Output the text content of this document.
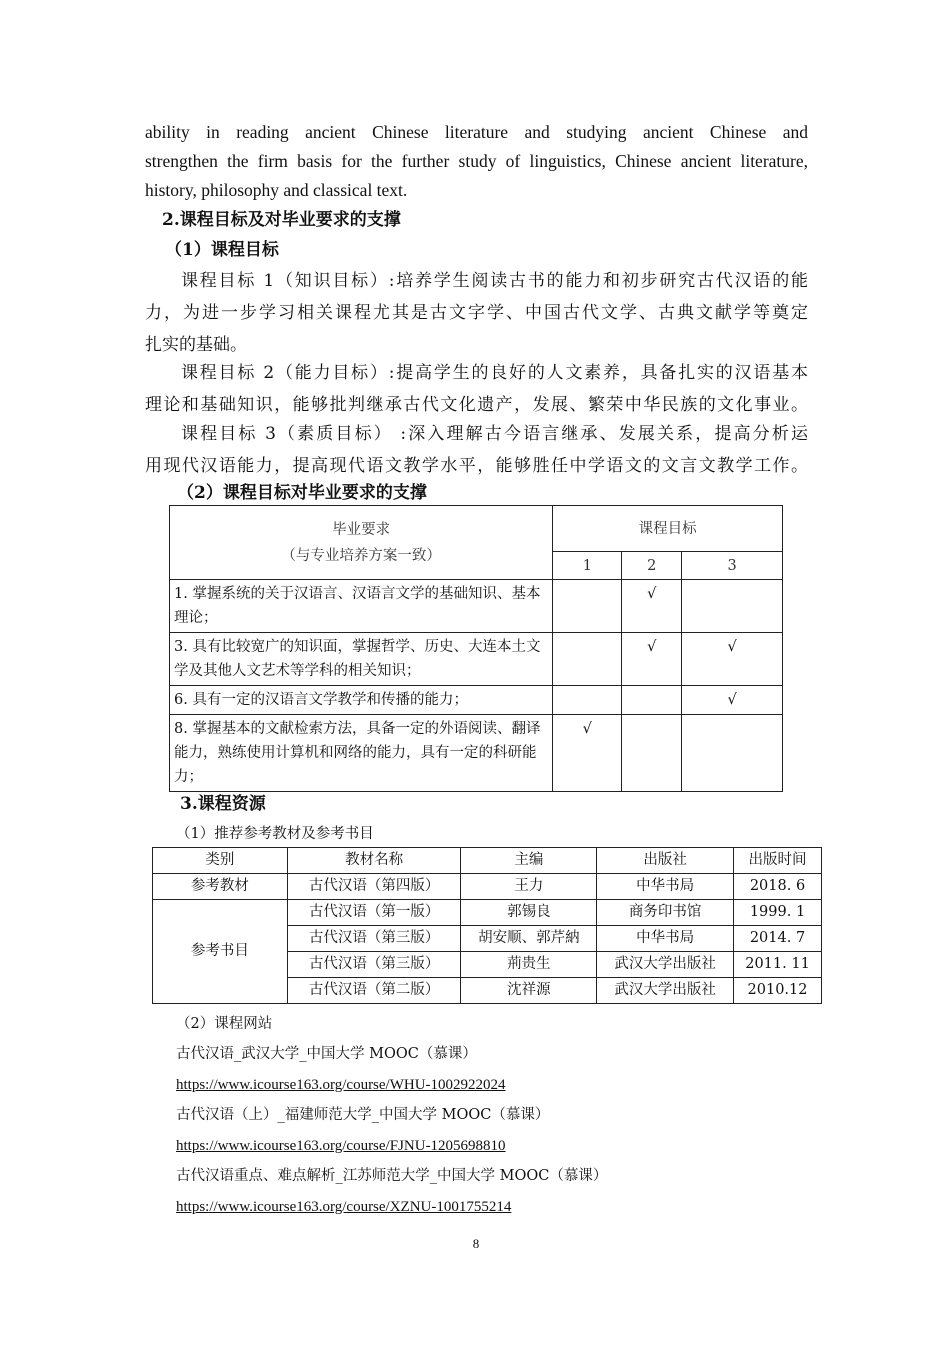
ability in reading ancient Chinese literature and studying ancient Chinese and
strengthen the firm basis for the further study of linguistics, Chinese ancient literature,
history, philosophy and classical text.
2.课程目标及对毕业要求的支撑
（1）课程目标
课程目标 1（知识目标）:培养学生阅读古书的能力和初步研究古代汉语的能
力，为进一步学习相关课程尤其是古文字学、中国古代文学、古典文献学等奠定
扎实的基础。
课程目标 2（能力目标）:提高学生的良好的人文素养，具备扎实的汉语基本
理论和基础知识，能够批判继承古代文化遗产，发展、繁荣中华民族的文化事业。
课程目标 3（素质目标） :深入理解古今语言继承、发展关系，提高分析运
用现代汉语能力，提高现代语文教学水平，能够胜任中学语文的文言文教学工作。
（2）课程目标对毕业要求的支撑
毕业要求
（与专业培养方案一致）	课程目标		
	1	2	3
1. 掌握系统的关于汉语言、汉语言文学的基础知识、基本理论；		√	
3. 具有比较宽广的知识面，掌握哲学、历史、大连本土文学及其他人文艺术等学科的相关知识；		√	√
6. 具有一定的汉语言文学教学和传播的能力；			√
8. 掌握基本的文献检索方法，具备一定的外语阅读、翻译能力，熟练使用计算机和网络的能力，具有一定的科研能力；	√		
3.课程资源
（1）推荐参考教材及参考书目
类别	教材名称	主编	出版社	出版时间
参考教材	古代汉语（第四版）	王力	中华书局	2018. 6
参考书目	古代汉语（第一版）	郭锡良	商务印书馆	1999. 1
	古代汉语（第三版）	胡安顺、郭芹納	中华书局	2014. 7
	古代汉语（第三版）	荊贵生	武汉大学出版社	2011. 11
	古代汉语（第二版）	沈祥源	武汉大学出版社	2010.12
（2）课程网站
古代汉语_武汉大学_中国大学 MOOC（慕课）
https://www.icourse163.org/course/WHU-1002922024
古代汉语（上）_福建师范大学_中国大学 MOOC（慕课）
https://www.icourse163.org/course/FJNU-1205698810
古代汉语重点、难点解析_江苏师范大学_中国大学 MOOC（慕课）
https://www.icourse163.org/course/XZNU-1001755214
8
